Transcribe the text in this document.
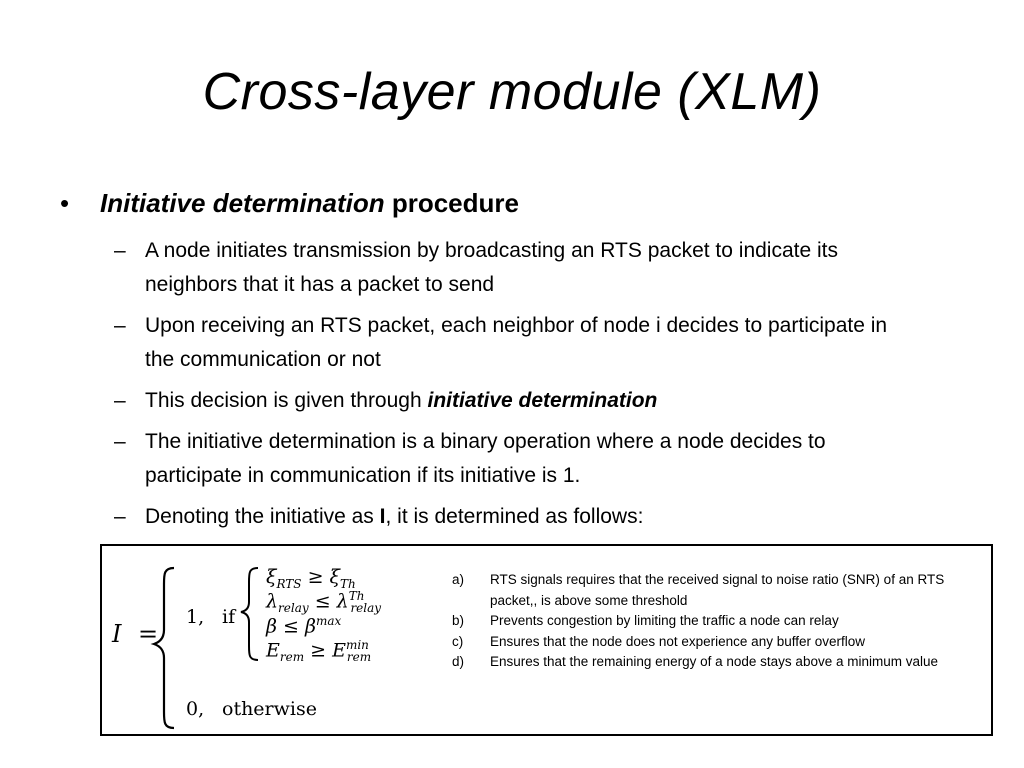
Cross-layer module (XLM)
• Initiative determination procedure
– A node initiates transmission by broadcasting an RTS packet to indicate its neighbors that it has a packet to send
– Upon receiving an RTS packet, each neighbor of node i decides to participate in the communication or not
– This decision is given through initiative determination
– The initiative determination is a binary operation where a node decides to participate in communication if its initiative is 1.
– Denoting the initiative as I, it is determined as follows:
I =
1, if
$\xi_{RTS} \ge \xi_{Th}$
$\lambda_{relay} \le \lambda^{Th}_{relay}$
$\beta \le \beta^{max}$
$E_{rem} \ge E^{min}_{rem}$
0, otherwise
a) RTS signals requires that the received signal to noise ratio (SNR) of an RTS packet,, is above some threshold
b) Prevents congestion by limiting the traffic a node can relay
c) Ensures that the node does not experience any buffer overflow
d) Ensures that the remaining energy of a node stays above a minimum value
